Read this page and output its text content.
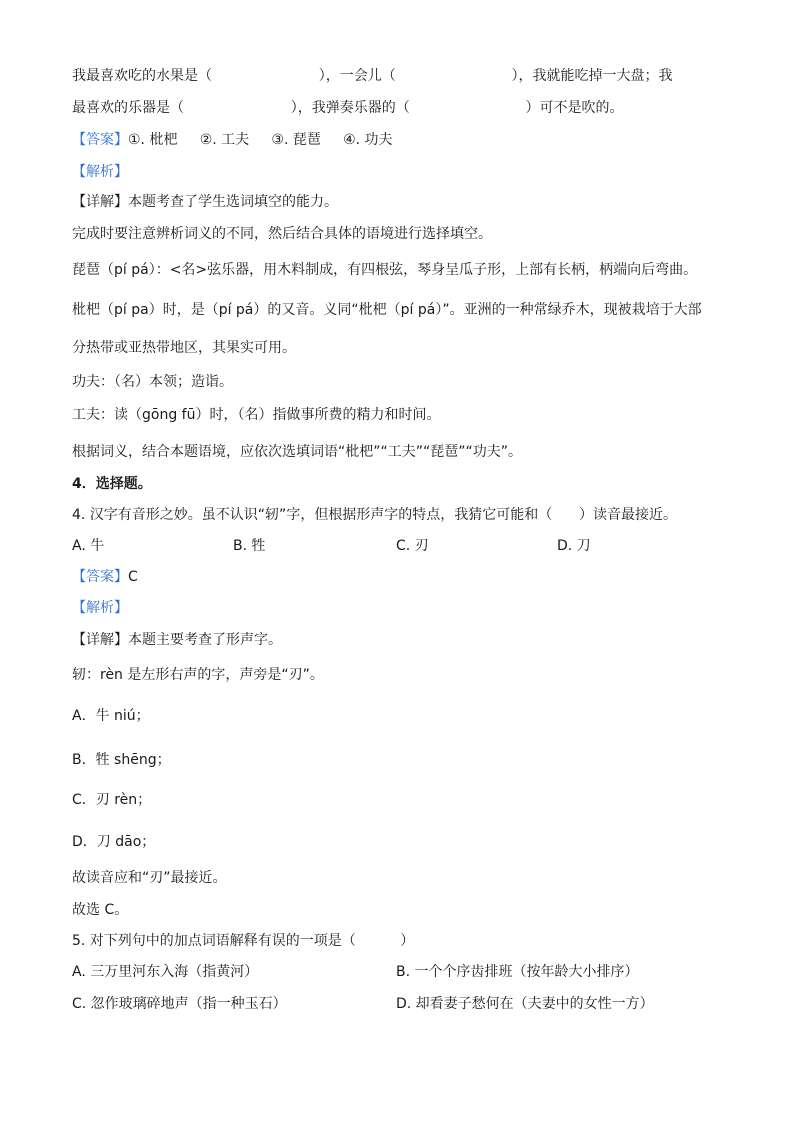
我最喜欢吃的水果是（                        ），一会儿（                          ），我就能吃掉一大盘；我
最喜欢的乐器是（                        ），我弹奏乐器的（                          ）可不是吹的。
【答案】①. 枇杷     ②. 工夫     ③. 琵琶     ④. 功夫
【解析】
【详解】本题考查了学生选词填空的能力。
完成时要注意辨析词义的不同，然后结合具体的语境进行选择填空。
琵琶（pí pá）：<名>弦乐器，用木料制成，有四根弦，琴身呈瓜子形，上部有长柄，柄端向后弯曲。
枇杷（pí pa）时，是（pí pá）的又音。义同“枇杷（pí pá）”。亚洲的一种常绿乔木，现被栽培于大部
分热带或亚热带地区，其果实可用。
功夫：（名）本领；造诣。
工夫：读（gōng fū）时，（名）指做事所费的精力和时间。
根据词义，结合本题语境，应依次选填词语“枇杷”“工夫”“琵琶”“功夫”。
4．选择题。
4. 汉字有音形之妙。虽不认识“轫”字，但根据形声字的特点，我猜它可能和（      ）读音最接近。
A. 牛	B. 牲	C. 刃	D. 刀
【答案】C
【解析】
【详解】本题主要考查了形声字。
轫：rèn 是左形右声的字，声旁是“刃”。
A．牛 niú；
B．牲 shēng；
C．刃 rèn；
D．刀 dāo；
故读音应和“刃”最接近。
故选 C。
5. 对下列句中的加点词语解释有误的一项是（          ）
A. 三万里河东入海（指黄河）	B. 一个个序齿排班（按年龄大小排序）
C. 忽作玻璃碎地声（指一种玉石）	D. 却看妻子愁何在（夫妻中的女性一方）
